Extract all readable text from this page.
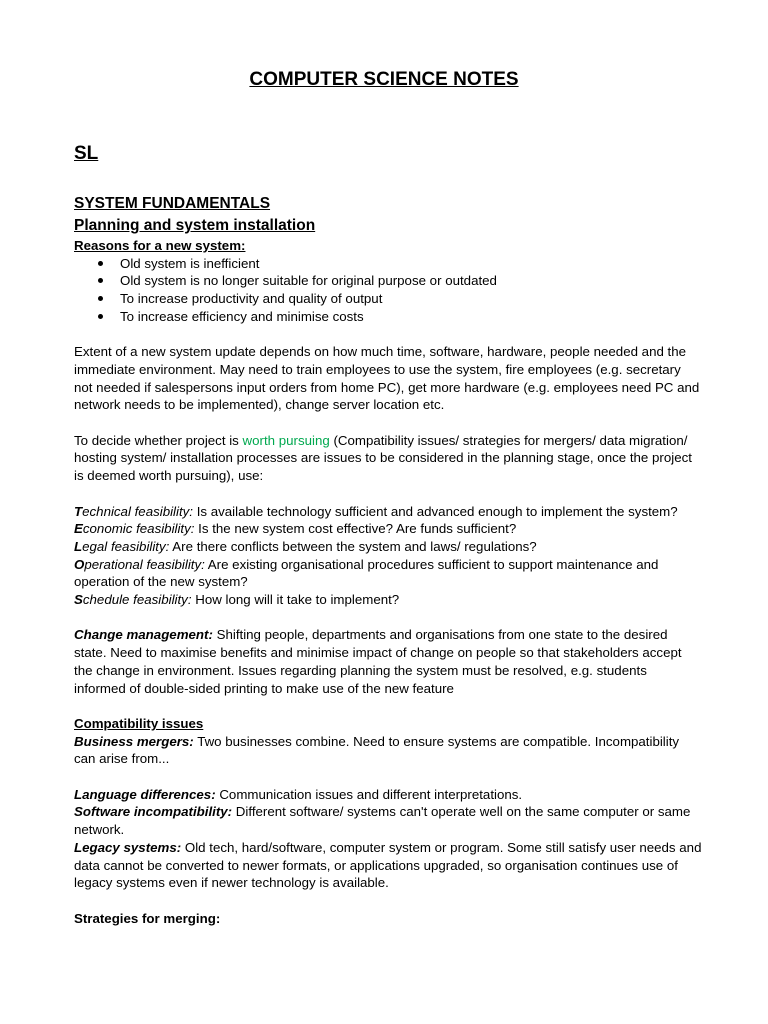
COMPUTER SCIENCE NOTES
SL
SYSTEM FUNDAMENTALS
Planning and system installation

Reasons for a new system:

Old system is inefficient
Old system is no longer suitable for original purpose or outdated
To increase productivity and quality of output
To increase efficiency and minimise costs

Extent of a new system update depends on how much time, software, hardware, people needed and the immediate environment. May need to train employees to use the system, fire employees (e.g. secretary not needed if salespersons input orders from home PC), get more hardware (e.g. employees need PC and network needs to be implemented), change server location etc.

To decide whether project is worth pursuing (Compatibility issues/ strategies for mergers/ data migration/ hosting system/ installation processes are issues to be considered in the planning stage, once the project is deemed worth pursuing), use:

Technical feasibility: Is available technology sufficient and advanced enough to implement the system?

Economic feasibility: Is the new system cost effective? Are funds sufficient?

Legal feasibility: Are there conflicts between the system and laws/ regulations?

Operational feasibility: Are existing organisational procedures sufficient to support maintenance and operation of the new system?

Schedule feasibility: How long will it take to implement?

Change management: Shifting people, departments and organisations from one state to the desired state. Need to maximise benefits and minimise impact of change on people so that stakeholders accept the change in environment. Issues regarding planning the system must be resolved, e.g. students informed of double-sided printing to make use of the new feature

Compatibility issues

Business mergers: Two businesses combine. Need to ensure systems are compatible. Incompatibility can arise from...

Language differences: Communication issues and different interpretations.

Software incompatibility: Different software/ systems can't operate well on the same computer or same network.

Legacy systems: Old tech, hard/software, computer system or program. Some still satisfy user needs and data cannot be converted to newer formats, or applications upgraded, so organisation continues use of legacy systems even if newer technology is available.

Strategies for merging:
